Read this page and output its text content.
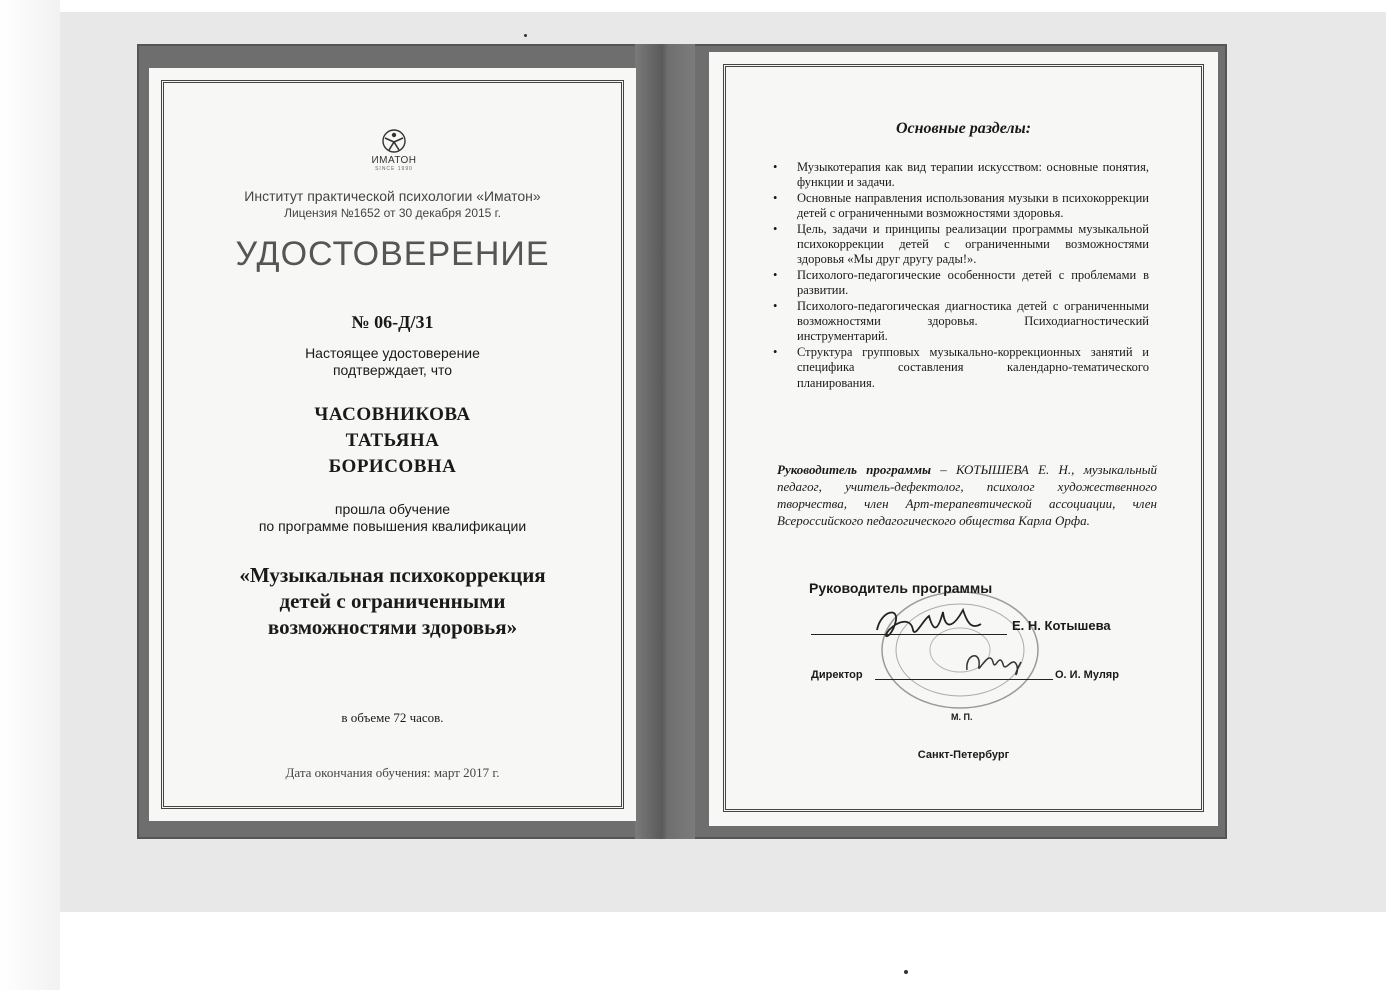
ИМАТОН
SINCE 1990
Институт практической психологии «Иматон»
Лицензия №1652 от 30 декабря 2015 г.
УДОСТОВЕРЕНИЕ
№ 06-Д/31
Настоящее удостоверение
подтверждает, что
ЧАСОВНИКОВА
ТАТЬЯНА
БОРИСОВНА
прошла обучение
по программе повышения квалификации
«Музыкальная психокоррекция
детей с ограниченными
возможностями здоровья»
в объеме 72 часов.
Дата окончания обучения: март 2017 г.
Основные разделы:
• Музыкотерапия как вид терапии искусством: основные понятия, функции и задачи.
• Основные направления использования музыки в психокоррекции детей с ограниченными возможностями здоровья.
• Цель, задачи и принципы реализации программы музыкальной психокоррекции детей с ограниченными возможностями здоровья «Мы друг другу рады!».
• Психолого-педагогические особенности детей с проблемами в развитии.
• Психолого-педагогическая диагностика детей с ограниченными возможностями здоровья. Психодиагностический инструментарий.
• Структура групповых музыкально-коррекционных занятий и специфика составления календарно-тематического планирования.
Руководитель программы – КОТЫШЕВА Е. Н., музыкальный педагог, учитель-дефектолог, психолог художественного творчества, член Арт-терапевтической ассоциации, член Всероссийского педагогического общества Карла Орфа.
Руководитель программы
Е. Н. Котышева
Директор	О. И. Муляр
М. П.
Санкт-Петербург
